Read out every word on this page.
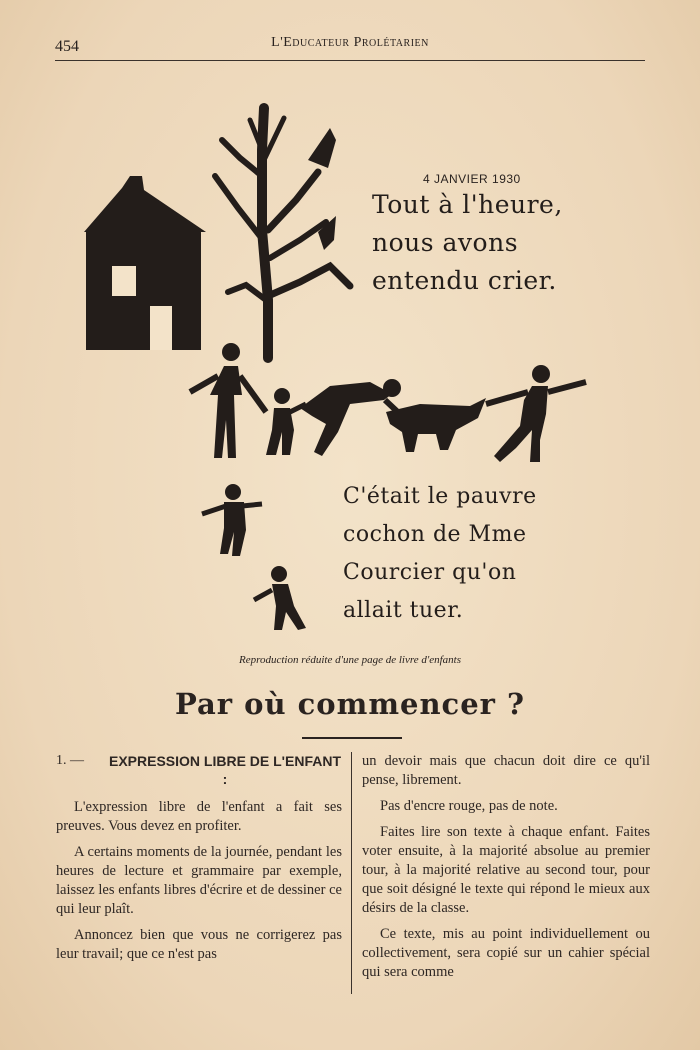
454	L'Educateur Prolétarien
4 JANVIER 1930
Tout à l'heure,
nous avons
entendu crier.
C'était le pauvre
cochon de Mme
Courcier qu'on
allait tuer.
Reproduction réduite d'une page de livre d'enfants
Par où commencer ?
1. —	EXPRESSION LIBRE DE L'ENFANT :

L'expression libre de l'enfant a fait ses preuves. Vous devez en profiter.

A certains moments de la journée, pendant les heures de lecture et grammaire par exemple, laissez les enfants libres d'écrire et de dessiner ce qui leur plaît.

Annoncez bien que vous ne corrigerez pas leur travail; que ce n'est pas

un devoir mais que chacun doit dire ce qu'il pense, librement.

Pas d'encre rouge, pas de note.

Faites lire son texte à chaque enfant. Faites voter ensuite, à la majorité absolue au premier tour, à la majorité relative au second tour, pour que soit désigné le texte qui répond le mieux aux désirs de la classe.

Ce texte, mis au point individuellement ou collectivement, sera copié sur un cahier spécial qui sera comme
